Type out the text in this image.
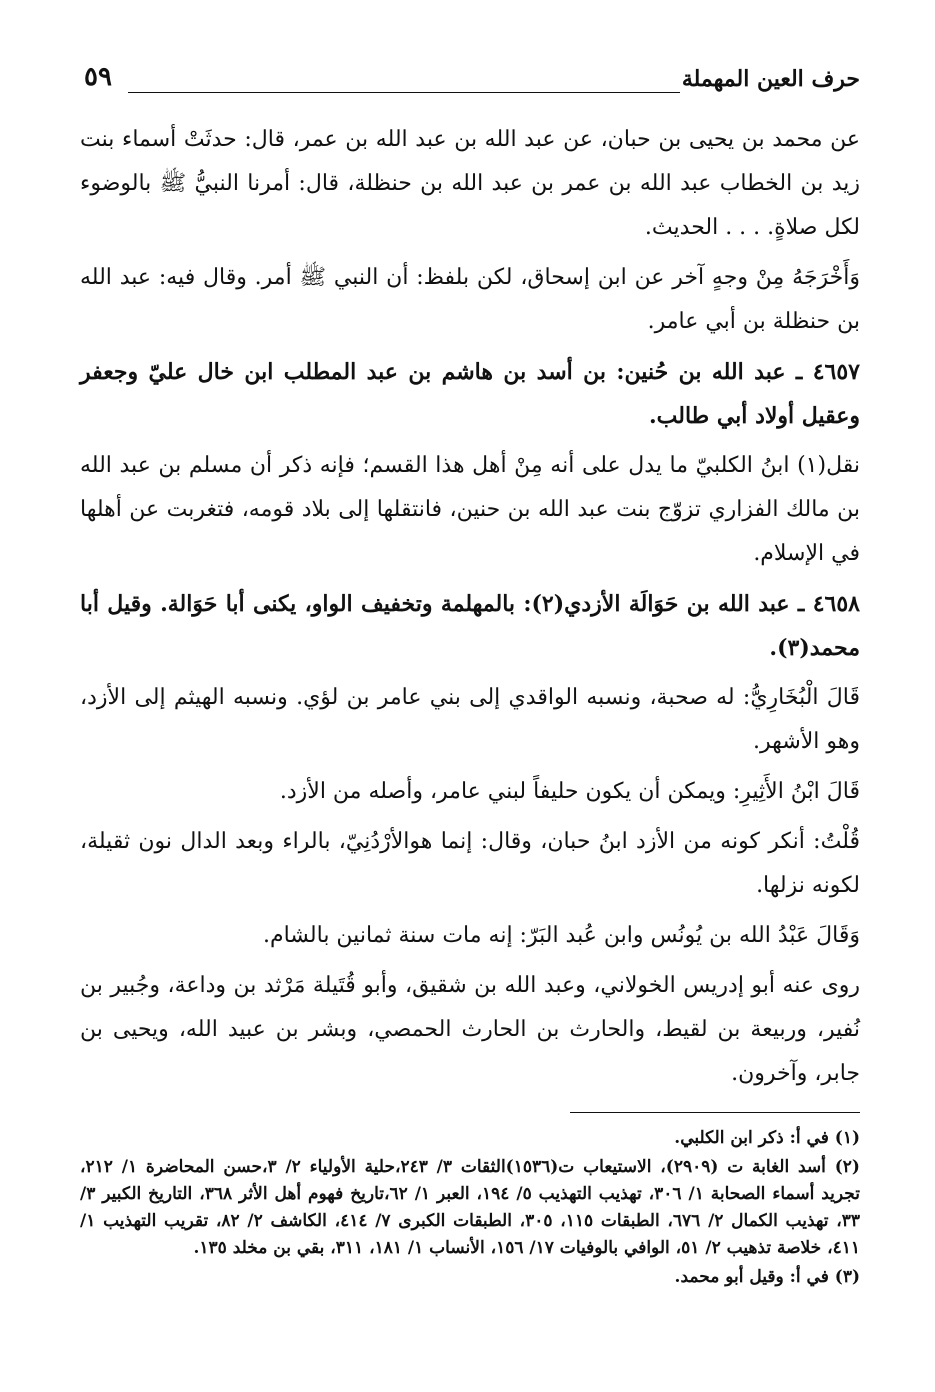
حرف العين المهملة
٥٩

عن محمد بن يحيى بن حبان، عن عبد الله بن عبد الله بن عمر، قال: حدثَتْ أسماء بنت زيد بن الخطاب عبد الله بن عمر بن عبد الله بن حنظلة، قال: أمرنا النبيُّ ﷺ بالوضوء لكل صلاةٍ. . . . الحديث.

وَأَخْرَجَهُ مِنْ وجهٍ آخر عن ابن إسحاق، لكن بلفظ: أن النبي ﷺ أمر. وقال فيه: عبد الله بن حنظلة بن أبي عامر.

٤٦٥٧ ـ عبد الله بن حُنين: بن أسد بن هاشم بن عبد المطلب ابن خال عليّ وجعفر وعقيل أولاد أبي طالب.

نقل(١) ابنُ الكلبيّ ما يدل على أنه مِنْ أهل هذا القسم؛ فإنه ذكر أن مسلم بن عبد الله بن مالك الفزاري تزوّج بنت عبد الله بن حنين، فانتقلها إلى بلاد قومه، فتغربت عن أهلها في الإسلام.

٤٦٥٨ ـ عبد الله بن حَوَالَة الأزدي(٢): بالمهلمة وتخفيف الواو، يكنى أبا حَوَالة. وقيل أبا محمد(٣).

قَالَ الْبُخَارِيُّ: له صحبة، ونسبه الواقدي إلى بني عامر بن لؤي. ونسبه الهيثم إلى الأزد، وهو الأشهر.

قَالَ ابْنُ الأَثِيرِ: ويمكن أن يكون حليفاً لبني عامر، وأصله من الأزد.

قُلْتُ: أنكر كونه من الأزد ابنُ حبان، وقال: إنما هوالأرْدُنِيّ، بالراء وبعد الدال نون ثقيلة، لكونه نزلها.

وَقَالَ عَبْدُ الله بن يُونُس وابن عُبد البَرّ: إنه مات سنة ثمانين بالشام.

روى عنه أبو إدريس الخولاني، وعبد الله بن شقيق، وأبو قُتَيلة مَرْثد بن وداعة، وجُبير بن نُفير، وربيعة بن لقيط، والحارث بن الحارث الحمصي، وبشر بن عبيد الله، ويحيى بن جابر، وآخرون.

(١) في أ: ذكر ابن الكلبي.

(٢) أسد الغابة ت (٢٩٠٩)، الاستيعاب ت(١٥٣٦)الثقات ٣/ ٢٤٣،حلية الأولياء ٢/ ٣،حسن المحاضرة ١/ ٢١٢، تجريد أسماء الصحابة ١/ ٣٠٦، تهذيب التهذيب ٥/ ١٩٤، العبر ١/ ٦٢،تاريخ فهوم أهل الأثر ٣٦٨، التاريخ الكبير ٣/ ٣٣، تهذيب الكمال ٢/ ٦٧٦، الطبقات ١١٥، ٣٠٥، الطبقات الكبرى ٧/ ٤١٤، الكاشف ٢/ ٨٢، تقريب التهذيب ١/ ٤١١، خلاصة تذهيب ٢/ ٥١، الوافي بالوفيات ١٧/ ١٥٦، الأنساب ١/ ١٨١، ٣١١، بقي بن مخلد ١٣٥.

(٣) في أ: وقيل أبو محمد.
